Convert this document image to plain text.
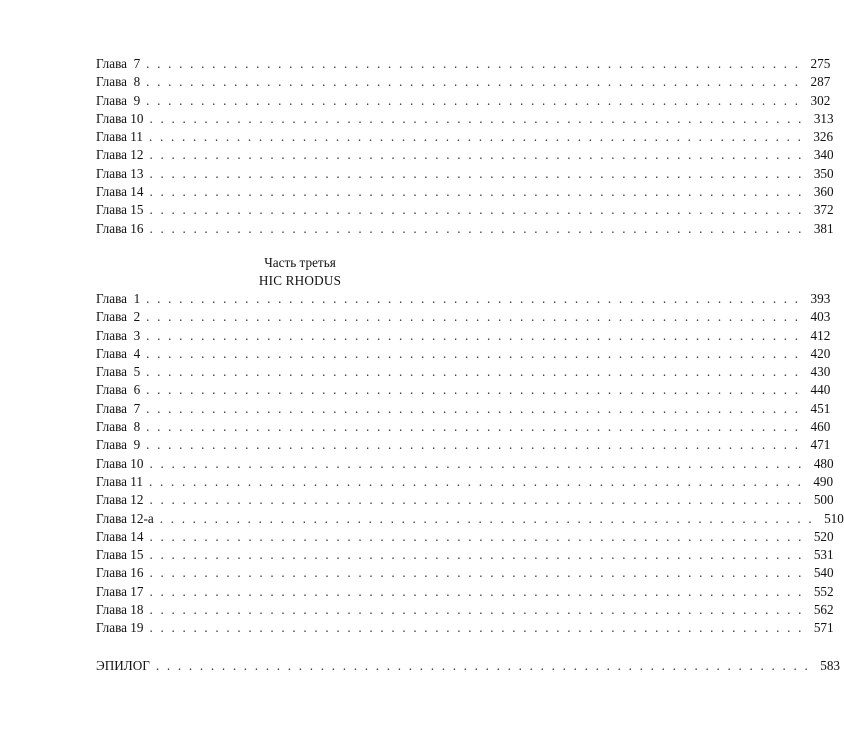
Глава  7 . . . . . . . . . . . . . . . . . . . . . . . . . . . . . . . . . . . . . . . . . . . . . . . . . . . . . . . . . . . . 275
Глава  8 . . . . . . . . . . . . . . . . . . . . . . . . . . . . . . . . . . . . . . . . . . . . . . . . . . . . . . . . . . . . 287
Глава  9 . . . . . . . . . . . . . . . . . . . . . . . . . . . . . . . . . . . . . . . . . . . . . . . . . . . . . . . . . . . . 302
Глава 10 . . . . . . . . . . . . . . . . . . . . . . . . . . . . . . . . . . . . . . . . . . . . . . . . . . . . . . . . . . . . 313
Глава 11 . . . . . . . . . . . . . . . . . . . . . . . . . . . . . . . . . . . . . . . . . . . . . . . . . . . . . . . . . . . . 326
Глава 12 . . . . . . . . . . . . . . . . . . . . . . . . . . . . . . . . . . . . . . . . . . . . . . . . . . . . . . . . . . . . 340
Глава 13 . . . . . . . . . . . . . . . . . . . . . . . . . . . . . . . . . . . . . . . . . . . . . . . . . . . . . . . . . . . . 350
Глава 14 . . . . . . . . . . . . . . . . . . . . . . . . . . . . . . . . . . . . . . . . . . . . . . . . . . . . . . . . . . . . 360
Глава 15 . . . . . . . . . . . . . . . . . . . . . . . . . . . . . . . . . . . . . . . . . . . . . . . . . . . . . . . . . . . . 372
Глава 16 . . . . . . . . . . . . . . . . . . . . . . . . . . . . . . . . . . . . . . . . . . . . . . . . . . . . . . . . . . . . 381
Часть третья
HIC RHODUS
Глава  1 . . . . . . . . . . . . . . . . . . . . . . . . . . . . . . . . . . . . . . . . . . . . . . . . . . . . . . . . . . . . 393
Глава  2 . . . . . . . . . . . . . . . . . . . . . . . . . . . . . . . . . . . . . . . . . . . . . . . . . . . . . . . . . . . . 403
Глава  3 . . . . . . . . . . . . . . . . . . . . . . . . . . . . . . . . . . . . . . . . . . . . . . . . . . . . . . . . . . . . 412
Глава  4 . . . . . . . . . . . . . . . . . . . . . . . . . . . . . . . . . . . . . . . . . . . . . . . . . . . . . . . . . . . . 420
Глава  5 . . . . . . . . . . . . . . . . . . . . . . . . . . . . . . . . . . . . . . . . . . . . . . . . . . . . . . . . . . . . 430
Глава  6 . . . . . . . . . . . . . . . . . . . . . . . . . . . . . . . . . . . . . . . . . . . . . . . . . . . . . . . . . . . . 440
Глава  7 . . . . . . . . . . . . . . . . . . . . . . . . . . . . . . . . . . . . . . . . . . . . . . . . . . . . . . . . . . . . 451
Глава  8 . . . . . . . . . . . . . . . . . . . . . . . . . . . . . . . . . . . . . . . . . . . . . . . . . . . . . . . . . . . . 460
Глава  9 . . . . . . . . . . . . . . . . . . . . . . . . . . . . . . . . . . . . . . . . . . . . . . . . . . . . . . . . . . . . 471
Глава 10 . . . . . . . . . . . . . . . . . . . . . . . . . . . . . . . . . . . . . . . . . . . . . . . . . . . . . . . . . . . . 480
Глава 11 . . . . . . . . . . . . . . . . . . . . . . . . . . . . . . . . . . . . . . . . . . . . . . . . . . . . . . . . . . . . 490
Глава 12 . . . . . . . . . . . . . . . . . . . . . . . . . . . . . . . . . . . . . . . . . . . . . . . . . . . . . . . . . . . . 500
Глава 12-а . . . . . . . . . . . . . . . . . . . . . . . . . . . . . . . . . . . . . . . . . . . . . . . . . . . . . . . . . . . . 510
Глава 14 . . . . . . . . . . . . . . . . . . . . . . . . . . . . . . . . . . . . . . . . . . . . . . . . . . . . . . . . . . . . 520
Глава 15 . . . . . . . . . . . . . . . . . . . . . . . . . . . . . . . . . . . . . . . . . . . . . . . . . . . . . . . . . . . . 531
Глава 16 . . . . . . . . . . . . . . . . . . . . . . . . . . . . . . . . . . . . . . . . . . . . . . . . . . . . . . . . . . . . 540
Глава 17 . . . . . . . . . . . . . . . . . . . . . . . . . . . . . . . . . . . . . . . . . . . . . . . . . . . . . . . . . . . . 552
Глава 18 . . . . . . . . . . . . . . . . . . . . . . . . . . . . . . . . . . . . . . . . . . . . . . . . . . . . . . . . . . . . 562
Глава 19 . . . . . . . . . . . . . . . . . . . . . . . . . . . . . . . . . . . . . . . . . . . . . . . . . . . . . . . . . . . . 571
ЭПИЛОГ . . . . . . . . . . . . . . . . . . . . . . . . . . . . . . . . . . . . . . . . . . . . . . . . . . . . . . . . . . . . 583
